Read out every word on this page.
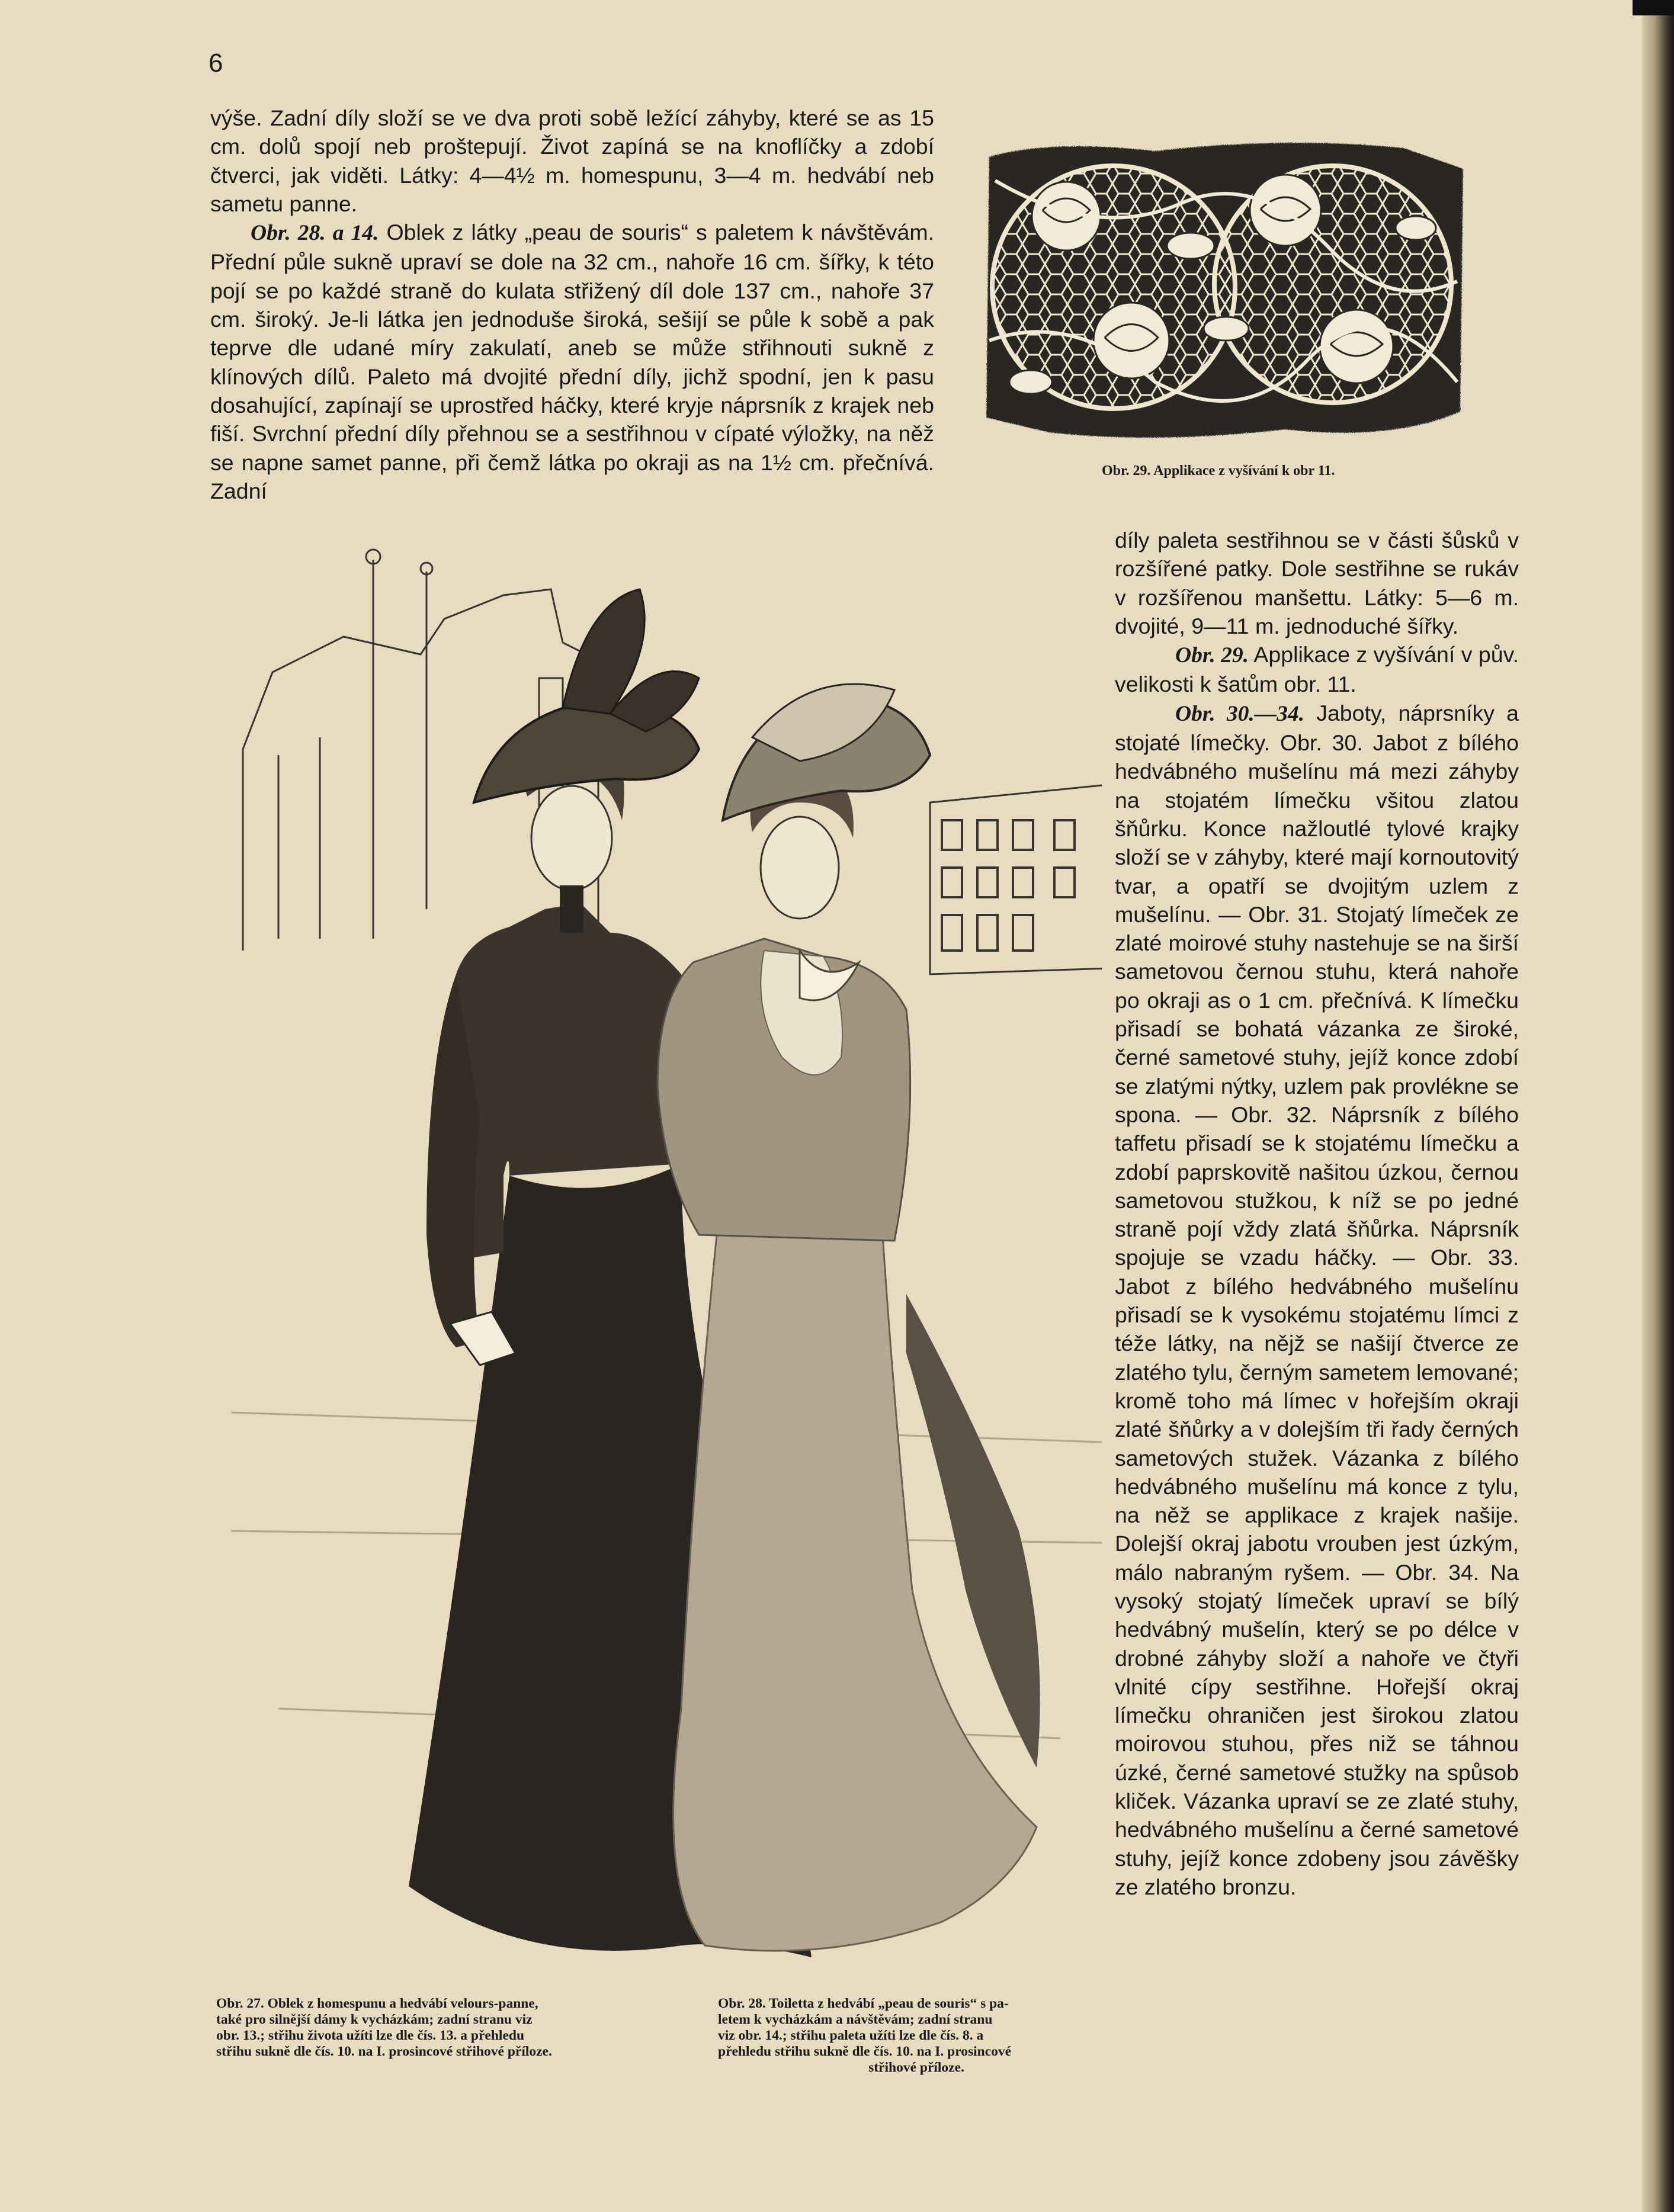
6

výše. Zadní díly složí se ve dva proti sobě ležící záhyby, které se as 15 cm. dolů spojí neb proštepují. Život zapíná se na knoflíčky a zdobí čtverci, jak viděti. Látky: 4—4½ m. homespunu, 3—4 m. hedvábí neb sametu panne.
Obr. 28. a 14. Oblek z látky „peau de souris“ s paletem k návštěvám. Přední půle sukně upraví se dole na 32 cm., nahoře 16 cm. šířky, k této pojí se po každé straně do kulata střižený díl dole 137 cm., nahoře 37 cm. široký. Je-li látka jen jednoduše široká, sešijí se půle k sobě a pak teprve dle udané míry zakulatí, aneb se může střihnouti sukně z klínových dílů. Paleto má dvojité přední díly, jichž spodní, jen k pasu dosahující, zapínají se uprostřed háčky, které kryje náprsník z krajek neb fiší. Svrchní přední díly přehnou se a sestřihnou v cípaté výložky, na něž se napne samet panne, při čemž látka po okraji as na 1½ cm. přečnívá. Zadní

Obr. 29. Applikace z vyšívání k obr 11.

díly paleta sestřihnou se v části šůsků v rozšířené patky. Dole sestřihne se rukáv v rozšířenou manšettu. Látky: 5—6 m. dvojité, 9—11 m. jednoduché šířky.
Obr. 29. Applikace z vyšívání v pův. velikosti k šatům obr. 11.
Obr. 30.—34. Jaboty, náprsníky a stojaté límečky. Obr. 30. Jabot z bílého hedvábného mušelínu má mezi záhyby na stojatém límečku všitou zlatou šňůrku. Konce nažloutlé tylové krajky složí se v záhyby, které mají kornoutovitý tvar, a opatří se dvojitým uzlem z mušelínu. — Obr. 31. Stojatý límeček ze zlaté moirové stuhy nastehuje se na širší sametovou černou stuhu, která nahoře po okraji as o 1 cm. přečnívá. K límečku přisadí se bohatá vázanka ze široké, černé sametové stuhy, jejíž konce zdobí se zlatými nýtky, uzlem pak provlékne se spona. — Obr. 32. Náprsník z bílého taffetu přisadí se k stojatému límečku a zdobí paprskovitě našitou úzkou, černou sametovou stužkou, k níž se po jedné straně pojí vždy zlatá šňůrka. Náprsník spojuje se vzadu háčky. — Obr. 33. Jabot z bílého hedvábného mušelínu přisadí se k vysokému stojatému límci z téže látky, na nějž se našijí čtverce ze zlatého tylu, černým sametem lemované; kromě toho má límec v hořejším okraji zlaté šňůrky a v dolejším tři řady černých sametových stužek. Vázanka z bílého hedvábného mušelínu má konce z tylu, na něž se applikace z krajek našije. Dolejší okraj jabotu vrouben jest úzkým, málo nabraným ryšem. — Obr. 34. Na vysoký stojatý límeček upraví se bílý hedvábný mušelín, který se po délce v drobné záhyby složí a nahoře ve čtyři vlnité cípy sestřihne. Hořejší okraj límečku ohraničen jest širokou zlatou moirovou stuhou, přes niž se táhnou úzké, černé sametové stužky na spůsob kliček. Vázanka upraví se ze zlaté stuhy, hedvábného mušelínu a černé sametové stuhy, jejíž konce zdobeny jsou závěšky ze zlatého bronzu.

Obr. 27. Oblek z homespunu a hedvábí velours-panne,
také pro silnější dámy k vycházkám; zadní stranu viz
obr. 13.; střihu života užíti lze dle čís. 13. a přehledu
střihu sukně dle čís. 10. na I. prosincové střihové příloze.
Obr. 28. Toiletta z hedvábí „peau de souris“ s pa-
letem k vycházkám a návštěvám; zadní stranu
viz obr. 14.; střihu paleta užíti lze dle čís. 8. a
přehledu střihu sukně dle čís. 10. na I. prosincové
střihové příloze.
